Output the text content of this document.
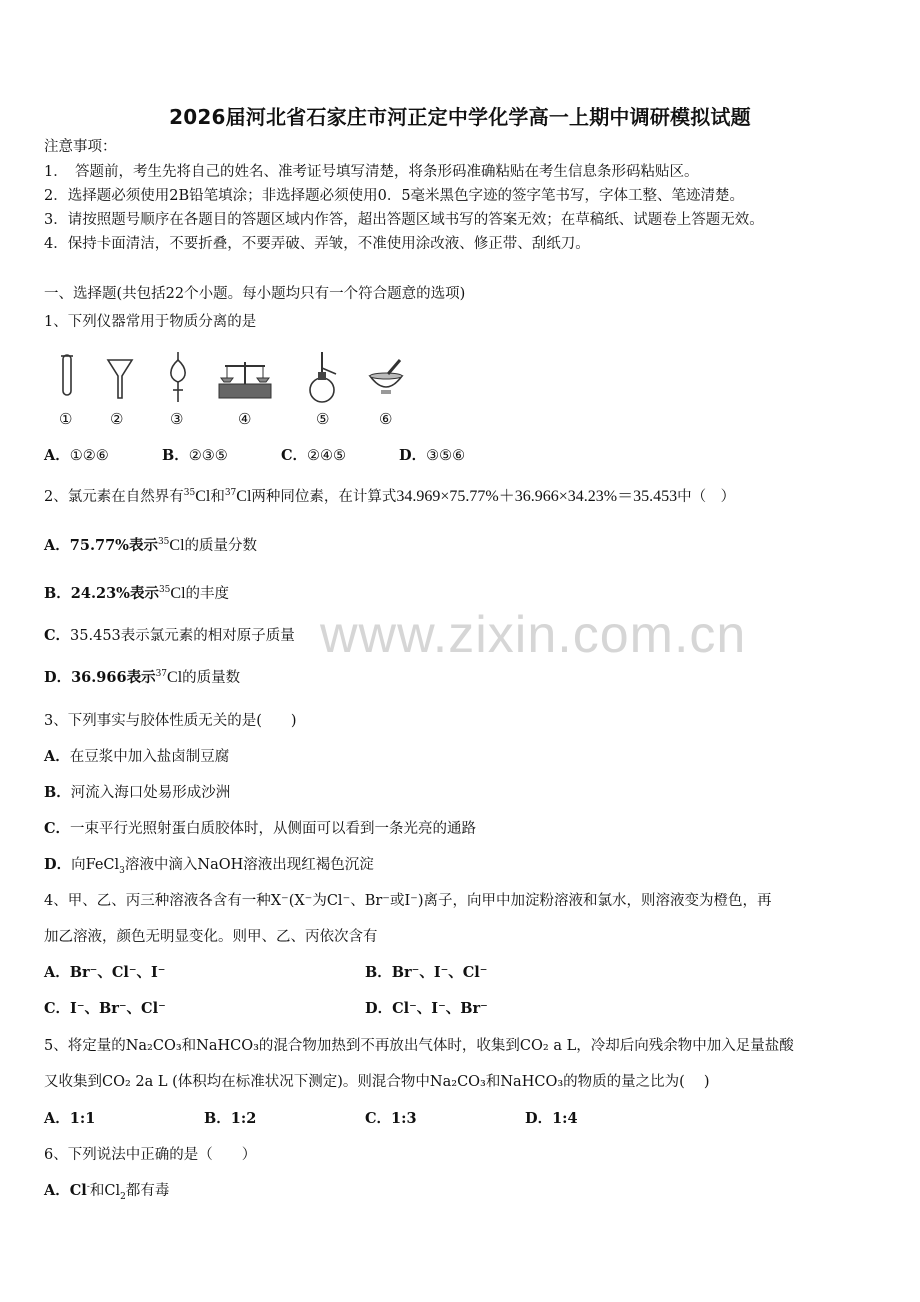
2026届河北省石家庄市河正定中学化学高一上期中调研模拟试题
注意事项：
1．　答题前，考生先将自己的姓名、准考证号填写清楚，将条形码准确粘贴在考生信息条形码粘贴区。
2．选择题必须使用2B铅笔填涂；非选择题必须使用0．5毫米黑色字迹的签字笔书写，字体工整、笔迹清楚。
3．请按照题号顺序在各题目的答题区域内作答，超出答题区域书写的答案无效；在草稿纸、试题卷上答题无效。
4．保持卡面清洁，不要折叠，不要弄破、弄皱，不准使用涂改液、修正带、刮纸刀。
一、选择题(共包括22个小题。每小题均只有一个符合题意的选项)
1、下列仪器常用于物质分离的是
①	②	③	④	⑤	⑥
A．①②⑥	B．②③⑤	C．②④⑤	D．③⑤⑥
2、氯元素在自然界有$^{35}$Cl和$^{37}$Cl两种同位素，在计算式34.969×75.77%＋36.966×34.23%＝35.453中（　）
A．75.77%表示$^{35}$Cl的质量分数
B．24.23%表示$^{35}$Cl的丰度
C．35.453表示氯元素的相对原子质量
D．36.966表示$^{37}$Cl的质量数
www.zixin.com.cn
3、下列事实与胶体性质无关的是(　　)
A．在豆浆中加入盐卤制豆腐
B．河流入海口处易形成沙洲
C．一束平行光照射蛋白质胶体时，从侧面可以看到一条光亮的通路
D．向FeCl$_3$溶液中滴入NaOH溶液出现红褐色沉淀
4、甲、乙、丙三种溶液各含有一种X⁻(X⁻为Cl⁻、Br⁻或I⁻)离子，向甲中加淀粉溶液和氯水，则溶液变为橙色，再
加乙溶液，颜色无明显变化。则甲、乙、丙依次含有
A．Br⁻、Cl⁻、I⁻	B．Br⁻、I⁻、Cl⁻
C．I⁻、Br⁻、Cl⁻	D．Cl⁻、I⁻、Br⁻
5、将定量的Na₂CO₃和NaHCO₃的混合物加热到不再放出气体时，收集到CO₂ a L，冷却后向残余物中加入足量盐酸
又收集到CO₂ 2a L (体积均在标准状况下测定)。则混合物中Na₂CO₃和NaHCO₃的物质的量之比为(　 )
A．1:1	B．1:2	C．1:3	D．1:4
6、下列说法中正确的是（　　）
A．Cl-和$Cl_2$都有毒
